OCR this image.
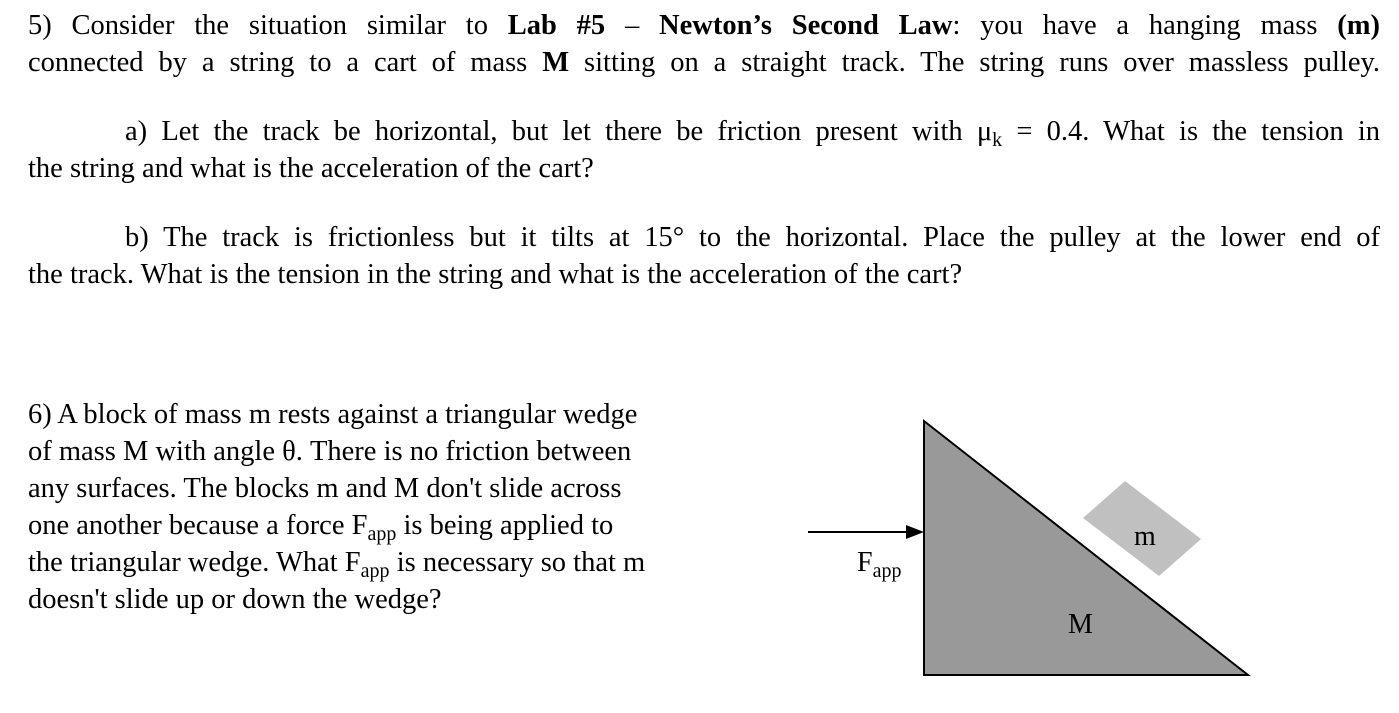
5) Consider the situation similar to Lab #5 – Newton’s Second Law: you have a hanging mass (m)
connected by a string to a cart of mass M sitting on a straight track. The string runs over massless pulley.
a) Let the track be horizontal, but let there be friction present with $\mu_k = 0.4$. What is the tension in
the string and what is the acceleration of the cart?
b) The track is frictionless but it tilts at 15° to the horizontal. Place the pulley at the lower end of
the track. What is the tension in the string and what is the acceleration of the cart?
6) A block of mass m rests against a triangular wedge
of mass M with angle θ. There is no friction between
any surfaces. The blocks m and M don't slide across
one another because a force $F_{app}$ is being applied to
the triangular wedge. What $F_{app}$ is necessary so that m
doesn't slide up or down the wedge?
$F_{app}$
m
M
